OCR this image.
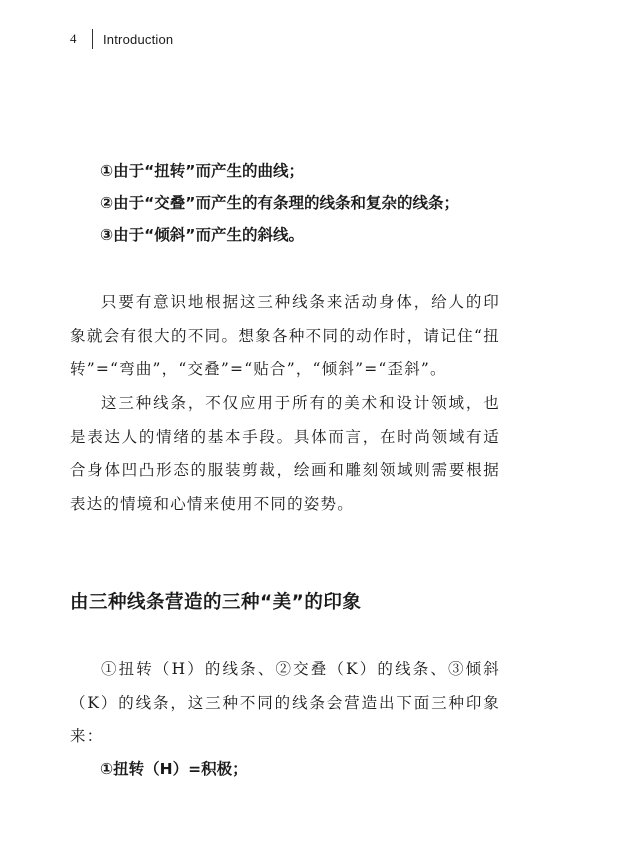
4	Introduction
①由于“扭转”而产生的曲线；
②由于“交叠”而产生的有条理的线条和复杂的线条；
③由于“倾斜”而产生的斜线。

只要有意识地根据这三种线条来活动身体，给人的印象就会有很大的不同。想象各种不同的动作时，请记住“扭转”=“弯曲”，“交叠”=“贴合”，“倾斜”=“歪斜”。

这三种线条，不仅应用于所有的美术和设计领域，也是表达人的情绪的基本手段。具体而言，在时尚领域有适合身体凹凸形态的服装剪裁，绘画和雕刻领域则需要根据表达的情境和心情来使用不同的姿势。

由三种线条营造的三种“美”的印象

①扭转（H）的线条、②交叠（K）的线条、③倾斜（K）的线条，这三种不同的线条会营造出下面三种印象来：

①扭转（H）=积极；
